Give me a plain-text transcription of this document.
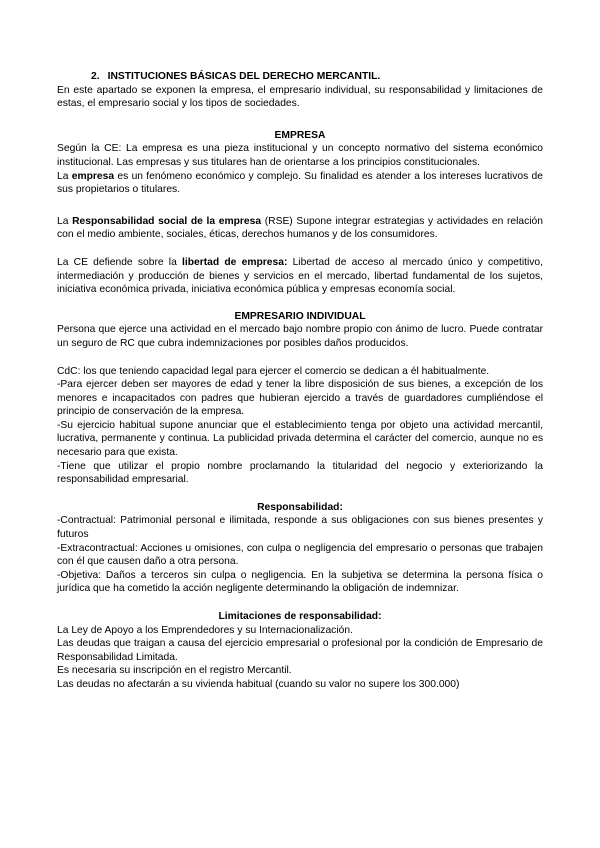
2. INSTITUCIONES BÁSICAS DEL DERECHO MERCANTIL.

En este apartado se exponen la empresa, el empresario individual, su responsabilidad y limitaciones de estas, el empresario social y los tipos de sociedades.

EMPRESA

Según la CE: La empresa es una pieza institucional y un concepto normativo del sistema económico institucional. Las empresas y sus titulares han de orientarse a los principios constitucionales.

La empresa es un fenómeno económico y complejo. Su finalidad es atender a los intereses lucrativos de sus propietarios o titulares.

La Responsabilidad social de la empresa (RSE) Supone integrar estrategias y actividades en relación con el medio ambiente, sociales, éticas, derechos humanos y de los consumidores.

La CE defiende sobre la libertad de empresa: Libertad de acceso al mercado único y competitivo, intermediación y producción de bienes y servicios en el mercado, libertad fundamental de los sujetos, iniciativa económica privada, iniciativa económica pública y empresas economía social.

EMPRESARIO INDIVIDUAL

Persona que ejerce una actividad en el mercado bajo nombre propio con ánimo de lucro. Puede contratar un seguro de RC que cubra indemnizaciones por posibles daños producidos.

CdC: los que teniendo capacidad legal para ejercer el comercio se dedican a él habitualmente.

-Para ejercer deben ser mayores de edad y tener la libre disposición de sus bienes, a excepción de los menores e incapacitados con padres que hubieran ejercido a través de guardadores cumpliéndose el principio de conservación de la empresa.

-Su ejercicio habitual supone anunciar que el establecimiento tenga por objeto una actividad mercantil, lucrativa, permanente y continua. La publicidad privada determina el carácter del comercio, aunque no es necesario para que exista.

-Tiene que utilizar el propio nombre proclamando la titularidad del negocio y exteriorizando la responsabilidad empresarial.

Responsabilidad:

-Contractual: Patrimonial personal e ilimitada, responde a sus obligaciones con sus bienes presentes y futuros

-Extracontractual: Acciones u omisiones, con culpa o negligencia del empresario o personas que trabajen con él que causen daño a otra persona.

-Objetiva: Daños a terceros sin culpa o negligencia. En la subjetiva se determina la persona física o jurídica que ha cometido la acción negligente determinando la obligación de indemnizar.

Limitaciones de responsabilidad:

La Ley de Apoyo a los Emprendedores y su Internacionalización.

Las deudas que traigan a causa del ejercicio empresarial o profesional por la condición de Empresario de Responsabilidad Limitada.

Es necesaria su inscripción en el registro Mercantil.

Las deudas no afectarán a su vivienda habitual (cuando su valor no supere los 300.000)
